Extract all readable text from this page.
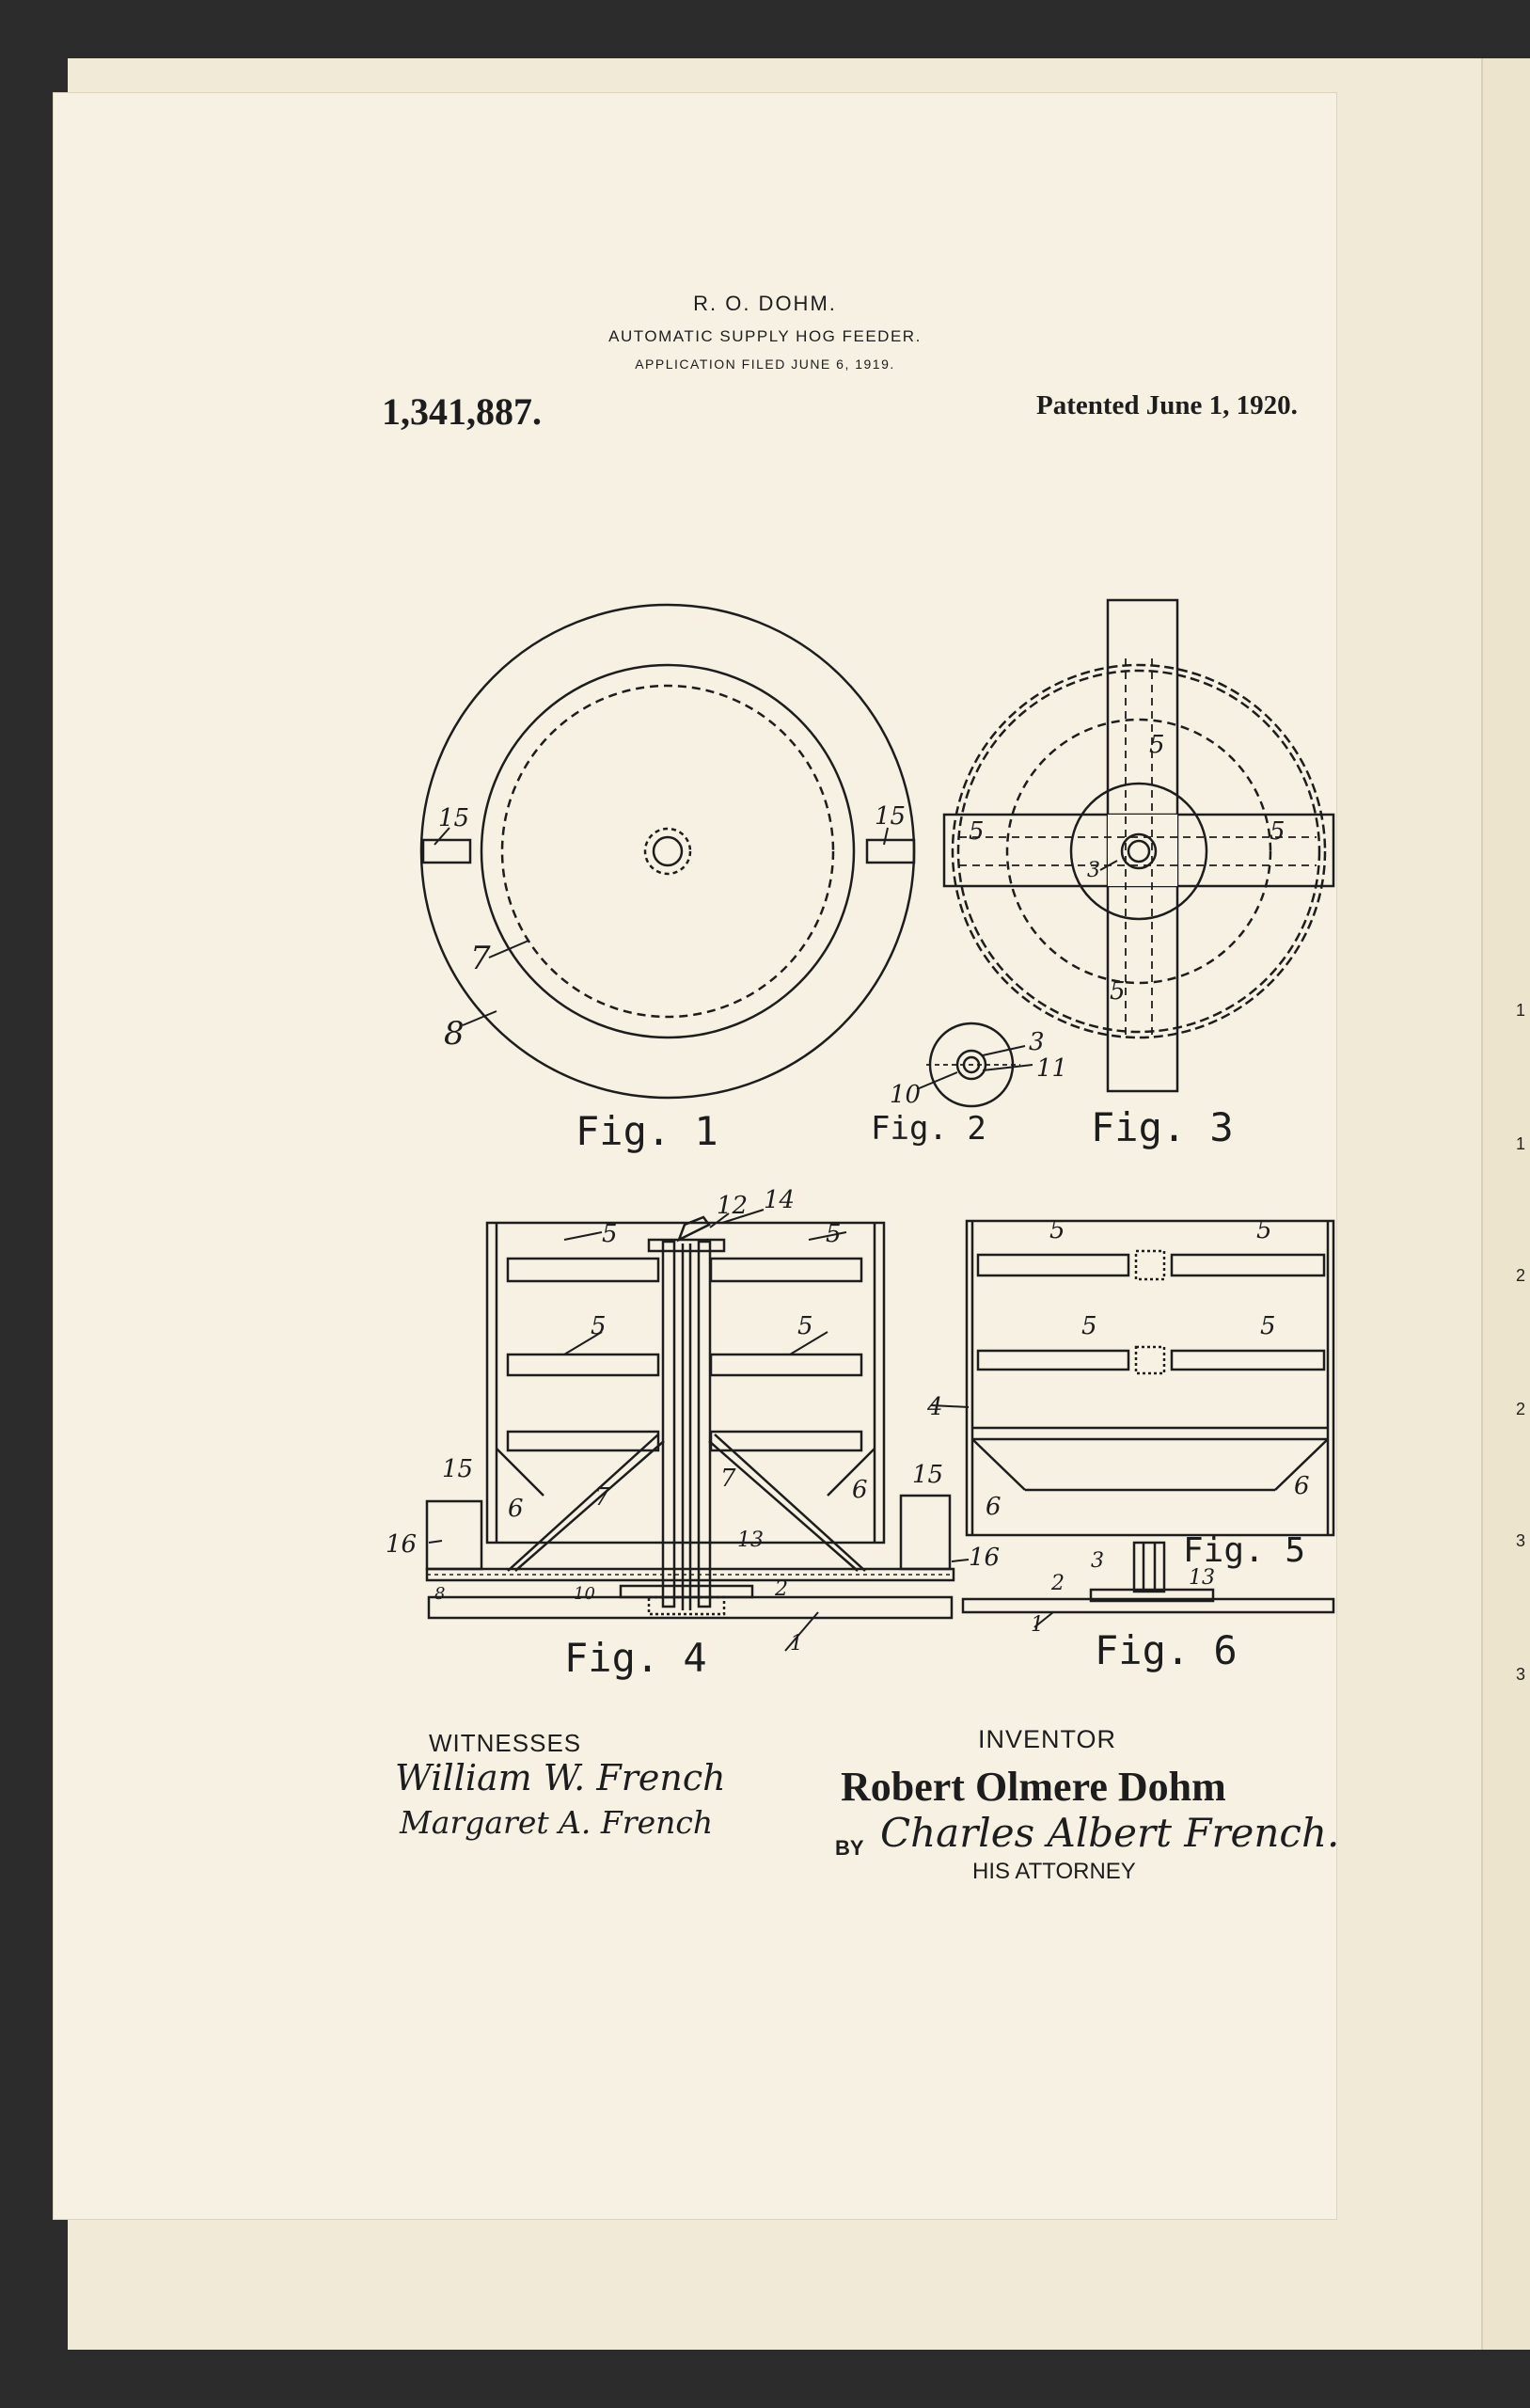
R. O. DOHM.
AUTOMATIC SUPPLY HOG FEEDER.
APPLICATION FILED JUNE 6, 1919.
1,341,887.	Patented June 1, 1920.
15	15
7
8
5
5	5
5
3
3
11
10
12 14
5	5
5	5
7
7
6
6
15	15
16	16
13
10	2
8
1
5	5
5	5
4
6
6
3
13
2
1
Fig. 1	Fig. 2	Fig. 3
Fig. 4
Fig. 5
Fig. 6
WITNESSES
William W. French
Margaret A. French
INVENTOR
Robert Olmere Dohm
BY Charles Albert French.
HIS ATTORNEY
1
1
2
2
3
3
